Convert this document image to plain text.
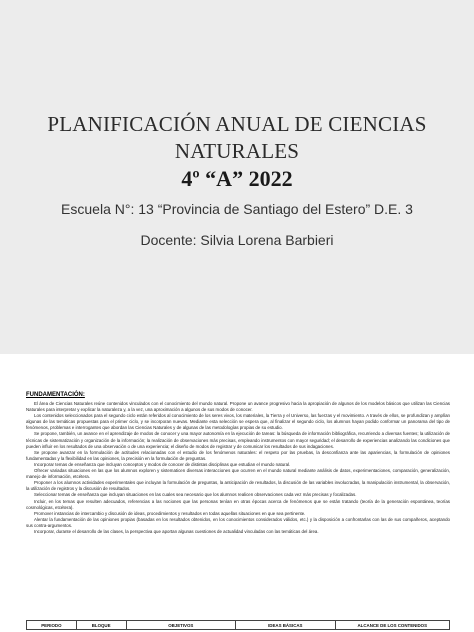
PLANIFICACIÓN ANUAL DE CIENCIAS
NATURALES
4º “A” 2022
Escuela N°: 13 “Provincia de Santiago del Estero” D.E. 3
Docente: Silvia Lorena Barbieri
FUNDAMENTACIÓN:

El área de Ciencias Naturales reúne contenidos vinculados con el conocimiento del mundo natural. Propone un avance progresivo hacia la apropiación de algunos de los modelos básicos que utilizan las Ciencias Naturales para interpretar y explicar la naturaleza y, a la vez, una aproximación a algunos de sus modos de conocer.

Los contenidos seleccionados para el segundo ciclo están referidos al conocimiento de los seres vivos, los materiales, la Tierra y el Universo, las fuerzas y el movimiento. A través de ellos, se profundizan y amplían algunas de las temáticas propuestas para el primer ciclo, y se incorporan nuevas. Mediante esta selección se espera que, al finalizar el segundo ciclo, los alumnos hayan podido conformar un panorama del tipo de fenómenos, problemas e interrogantes que abordan las Ciencias Naturales y de algunas de las metodologías propias de su estudio.

Se propone, también, un avance en el aprendizaje de modos de conocer y una mayor autonomía en la ejecución de tareas: la búsqueda de información bibliográfica, recurriendo a diversas fuentes; la utilización de técnicas de sistematización y organización de la información; la realización de observaciones más precisas, empleando instrumentos con mayor seguridad; el desarrollo de experiencias analizando las condiciones que pueden influir en los resultados de una observación o de una experiencia; el diseño de modos de registrar y de comunicar los resultados de sus indagaciones.

Se propone avanzar en la formulación de actitudes relacionadas con el estudio de los fenómenos naturales: el respeto por las pruebas, la desconfianza ante las apariencias, la formulación de opiniones fundamentadas y la flexibilidad en las opiniones, la precisión en la formulación de preguntas.

Incorporar temas de enseñanza que incluyan conceptos y modos de conocer de distintas disciplinas que estudian el mundo natural.

Ofrecer variadas situaciones en las que los alumnos exploren y sistematicen diversas interacciones que ocurren en el mundo natural mediante análisis de datos, experimentaciones, comparación, generalización, manejo de información, etcétera.

Proponer a los alumnos actividades experimentales que incluyan la formulación de preguntas, la anticipación de resultados, la discusión de las variables involucradas, la manipulación instrumental, la observación, la utilización de registros y la discusión de resultados.

Seleccionar temas de enseñanza que incluyan situaciones en las cuales sea necesario que los alumnos realicen observaciones cada vez más precisas y focalizadas.

Incluir, en los temas que resulten adecuados, referencias a las nociones que las personas tenían en otras épocas acerca de fenómenos que se están tratando (teoría de la generación espontánea, teorías cosmológicas, etcétera).

Promover instancias de intercambio y discusión de ideas, procedimientos y resultados en todas aquellas situaciones en que sea pertinente.

Alentar la fundamentación de las opiniones propias (basadas en los resultados obtenidos, en los conocimientos considerados válidos, etc.) y la disposición a confrontarlas con las de sus compañeros, aceptando sus contra-argumentos.

Incorporar, durante el desarrollo de las clases, la perspectiva que aportan algunas cuestiones de actualidad vinculadas con las temáticas del área.

PERIODO	BLOQUE	OBJETIVOS	IDEAS BÁSICAS	ALCANCE DE LOS CONTENIDOS
